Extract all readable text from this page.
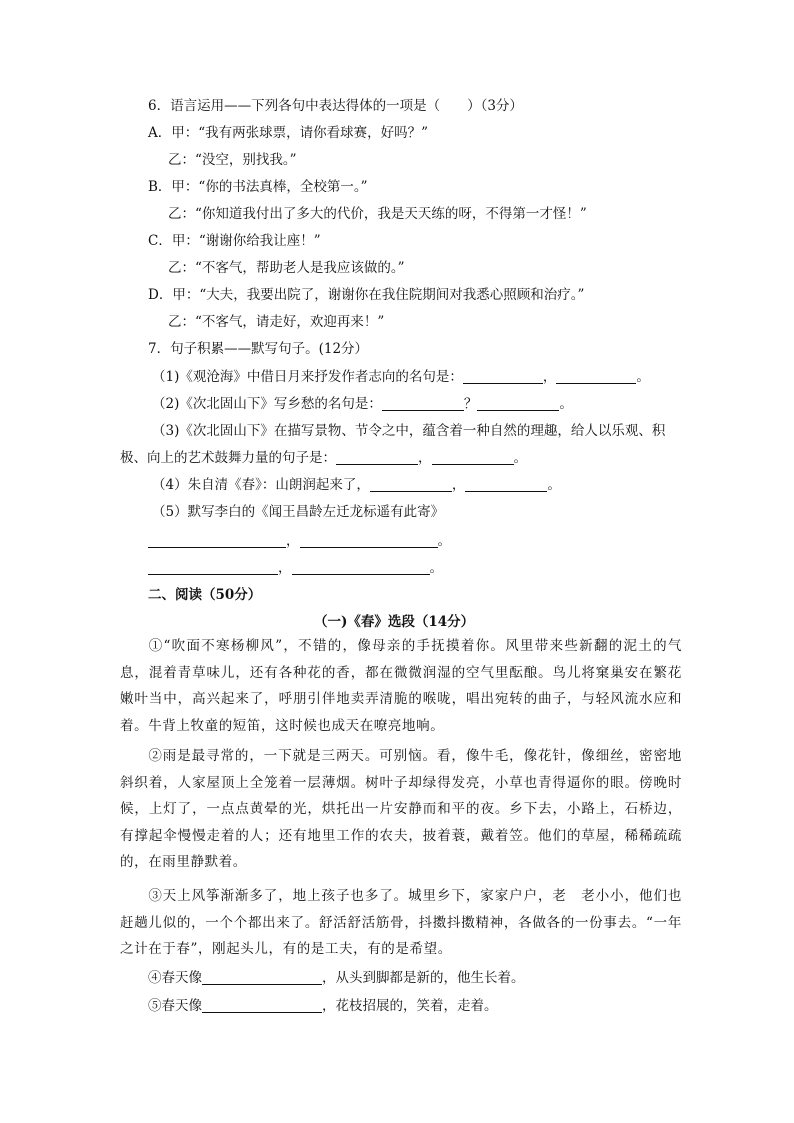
6．语言运用——下列各句中表达得体的一项是（　　）（3分）
A．甲：“我有两张球票，请你看球赛，好吗？”
乙：“没空，别找我。”
B．甲：“你的书法真棒，全校第一。”
乙：“你知道我付出了多大的代价，我是天天练的呀，不得第一才怪！”
C．甲：“谢谢你给我让座！”
乙：“不客气，帮助老人是我应该做的。”
D．甲：“大夫，我要出院了，谢谢你在我住院期间对我悉心照顾和治疗。”
乙：“不客气，请走好，欢迎再来！”
7．句子积累——默写句子。(12分）
（1)《观沧海》中借日月来抒发作者志向的名句是：	，	。
（2)《次北固山下》写乡愁的名句是：	？	。
（3)《次北固山下》在描写景物、节令之中，蕴含着一种自然的理趣，给人以乐观、积
极、向上的艺术鼓舞力量的句子是：	，	。
（4）朱自清《春》：山朗润起来了，	，	。
（5）默写李白的《闻王昌龄左迁龙标遥有此寄》
，	。
，	。
二、阅读（50分）
（一)《春》选段（14分）
①“吹面不寒杨柳风”，不错的，像母亲的手抚摸着你。风里带来些新翻的泥土的气息，混着青草味儿，还有各种花的香，都在微微润湿的空气里酝酿。鸟儿将窠巢安在繁花嫩叶当中，高兴起来了，呼朋引伴地卖弄清脆的喉咙，唱出宛转的曲子，与轻风流水应和着。牛背上牧童的短笛，这时候也成天在嘹亮地响。
②雨是最寻常的，一下就是三两天。可别恼。看，像牛毛，像花针，像细丝，密密地斜织着，人家屋顶上全笼着一层薄烟。树叶子却绿得发亮，小草也青得逼你的眼。傍晚时候，上灯了，一点点黄晕的光，烘托出一片安静而和平的夜。乡下去，小路上，石桥边，有撑起伞慢慢走着的人；还有地里工作的农夫，披着蓑，戴着笠。他们的草屋，稀稀疏疏的，在雨里静默着。
③天上风筝渐渐多了，地上孩子也多了。城里乡下，家家户户，老　老小小，他们也赶趟儿似的，一个个都出来了。舒活舒活筋骨，抖擞抖擞精神，各做各的一份事去。“一年之计在于春”，刚起头儿，有的是工夫，有的是希望。
④春天像	，从头到脚都是新的，他生长着。
⑤春天像	，花枝招展的，笑着，走着。
